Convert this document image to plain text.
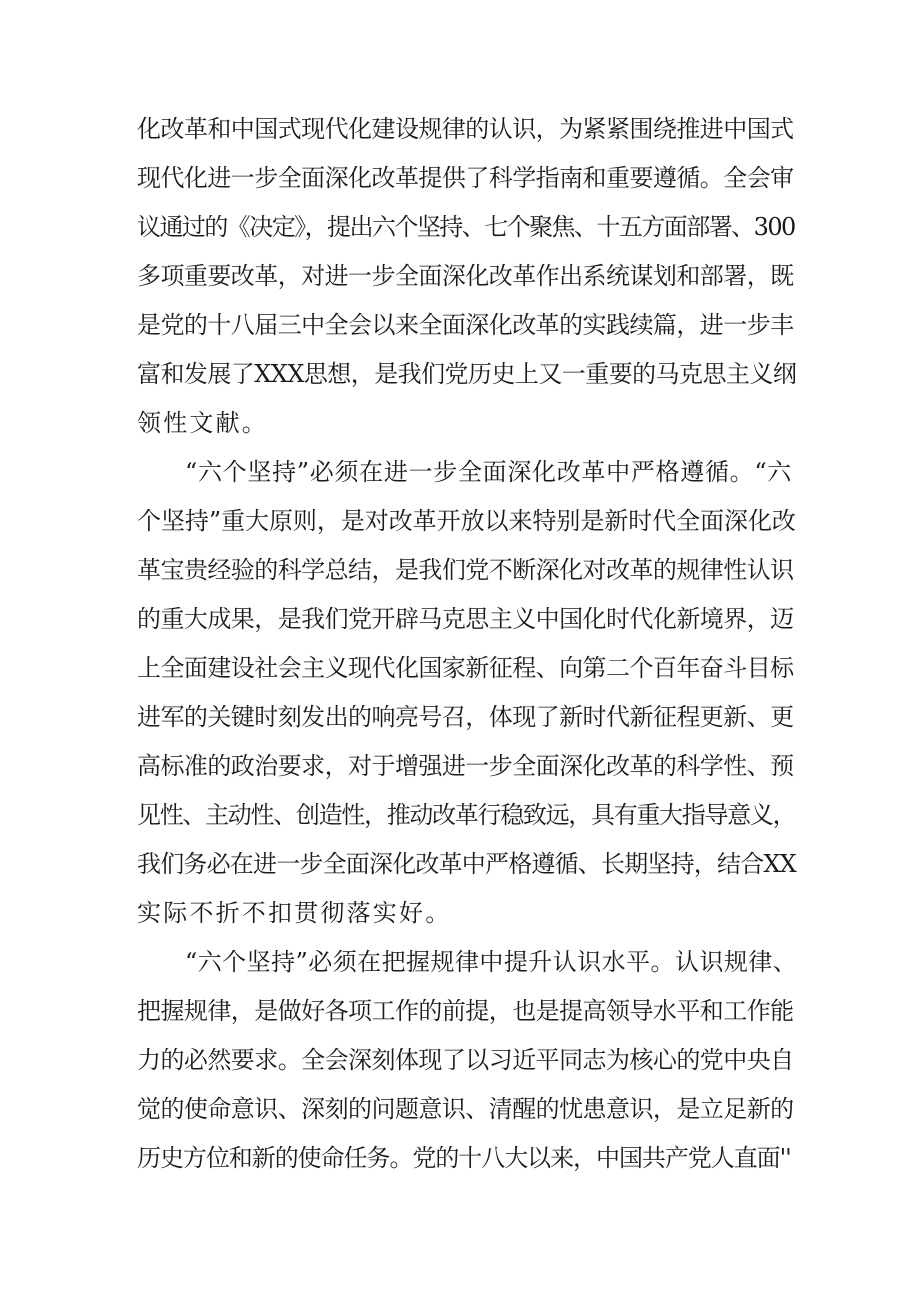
化改革和中国式现代化建设规律的认识，为紧紧围绕推进中国式
现代化进一步全面深化改革提供了科学指南和重要遵循。全会审
议通过的《决定》，提出六个坚持、七个聚焦、十五方面部署、300
多项重要改革，对进一步全面深化改革作出系统谋划和部署，既
是党的十八届三中全会以来全面深化改革的实践续篇，进一步丰
富和发展了XXX思想，是我们党历史上又一重要的马克思主义纲
领性文献。
“六个坚持”必须在进一步全面深化改革中严格遵循。“六
个坚持”重大原则，是对改革开放以来特别是新时代全面深化改
革宝贵经验的科学总结，是我们党不断深化对改革的规律性认识
的重大成果，是我们党开辟马克思主义中国化时代化新境界，迈
上全面建设社会主义现代化国家新征程、向第二个百年奋斗目标
进军的关键时刻发出的响亮号召，体现了新时代新征程更新、更
高标准的政治要求，对于增强进一步全面深化改革的科学性、预
见性、主动性、创造性，推动改革行稳致远，具有重大指导意义，
我们务必在进一步全面深化改革中严格遵循、长期坚持，结合XX
实际不折不扣贯彻落实好。
“六个坚持”必须在把握规律中提升认识水平。认识规律、
把握规律，是做好各项工作的前提，也是提高领导水平和工作能
力的必然要求。全会深刻体现了以习近平同志为核心的党中央自
觉的使命意识、深刻的问题意识、清醒的忧患意识，是立足新的
历史方位和新的使命任务。党的十八大以来，中国共产党人直面''
